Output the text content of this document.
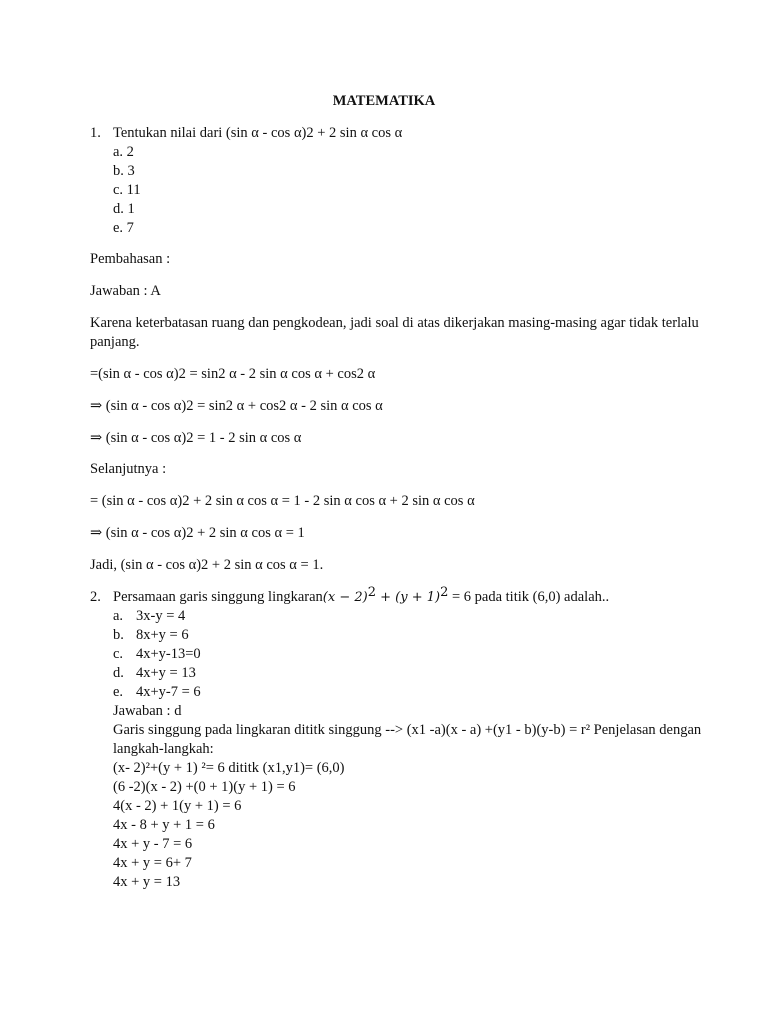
MATEMATIKA
1. Tentukan nilai dari (sin α - cos α)2 + 2 sin α cos α
a. 2
b. 3
c. 11
d. 1
e. 7
Pembahasan :
Jawaban : A
Karena keterbatasan ruang dan pengkodean, jadi soal di atas dikerjakan masing-masing agar tidak terlalu
panjang.
=(sin α - cos α)2 = sin2 α - 2 sin α cos α + cos2 α
⇒ (sin α - cos α)2 = sin2 α + cos2 α - 2 sin α cos α
⇒ (sin α - cos α)2 = 1 - 2 sin α cos α
Selanjutnya :
= (sin α - cos α)2 + 2 sin α cos α = 1 - 2 sin α cos α + 2 sin α cos α
⇒ (sin α - cos α)2 + 2 sin α cos α = 1
Jadi, (sin α - cos α)2 + 2 sin α cos α = 1.
2. Persamaan garis singgung lingkaran(x − $2)^2 + (y + 1)^2 = 6$ pada titik (6,0) adalah..
a. 3x-y = 4
b. 8x+y = 6
c. 4x+y-13=0
d. 4x+y = 13
e. 4x+y-7 = 6
Jawaban : d
Garis singgung pada lingkaran dititk singgung --> (x1 -a)(x - a) +(y1 - b)(y-b) = r² Penjelasan dengan
langkah-langkah:
(x- 2)²+(y + 1) ²= 6 dititk (x1,y1)= (6,0)
(6 -2)(x - 2) +(0 + 1)(y + 1) = 6
4(x - 2) + 1(y + 1) = 6
4x - 8 + y + 1 = 6
4x + y - 7 = 6
4x + y = 6+ 7
4x + y = 13
